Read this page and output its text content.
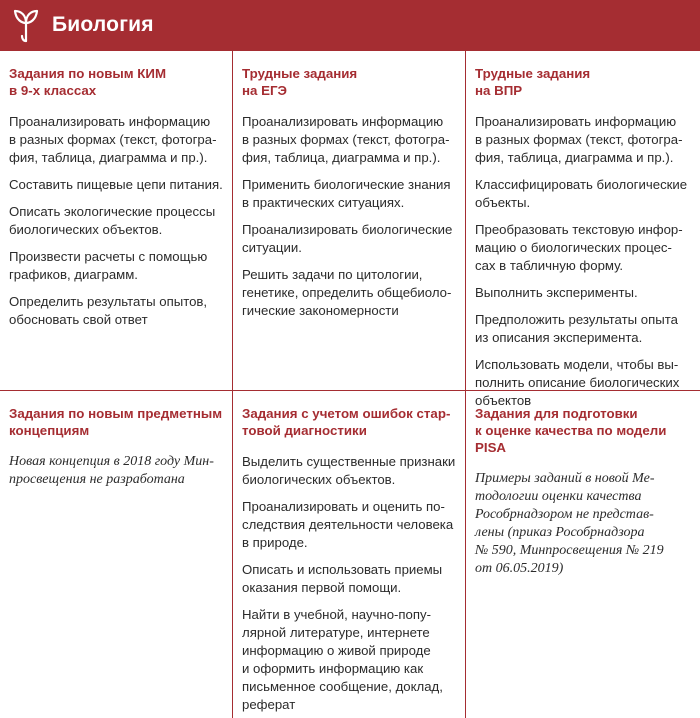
Биология
Задания по новым КИМ
в 9-х классах

Проанализировать информацию
в разных формах (текст, фотогра-
фия, таблица, диаграмма и пр.).

Составить пищевые цепи питания.

Описать экологические процессы
биологических объектов.

Произвести расчеты с помощью
графиков, диаграмм.

Определить результаты опытов,
обосновать свой ответ

Трудные задания
на ЕГЭ

Проанализировать информацию
в разных формах (текст, фотогра-
фия, таблица, диаграмма и пр.).

Применить биологические знания
в практических ситуациях.

Проанализировать биологические
ситуации.

Решить задачи по цитологии,
генетике, определить общебиоло-
гические закономерности

Трудные задания
на ВПР

Проанализировать информацию
в разных формах (текст, фотогра-
фия, таблица, диаграмма и пр.).

Классифицировать биологические
объекты.

Преобразовать текстовую инфор-
мацию о биологических процес-
сах в табличную форму.

Выполнить эксперименты.

Предположить результаты опыта
из описания эксперимента.

Использовать модели, чтобы вы-
полнить описание биологических
объектов

Задания по новым предметным
концепциям

Новая концепция в 2018 году Мин-
просвещения не разработана

Задания с учетом ошибок стар-
товой диагностики

Выделить существенные признаки
биологических объектов.

Проанализировать и оценить по-
следствия деятельности человека
в природе.

Описать и использовать приемы
оказания первой помощи.

Найти в учебной, научно-попу-
лярной литературе, интернете
информацию о живой природе
и оформить информацию как
письменное сообщение, доклад,
реферат

Задания для подготовки
к оценке качества по модели
PISA

Примеры заданий в новой Ме-
тодологии оценки качества
Рособрнадзором не представ-
лены (приказ Рособрнадзора
№ 590, Минпросвещения № 219
от 06.05.2019)
